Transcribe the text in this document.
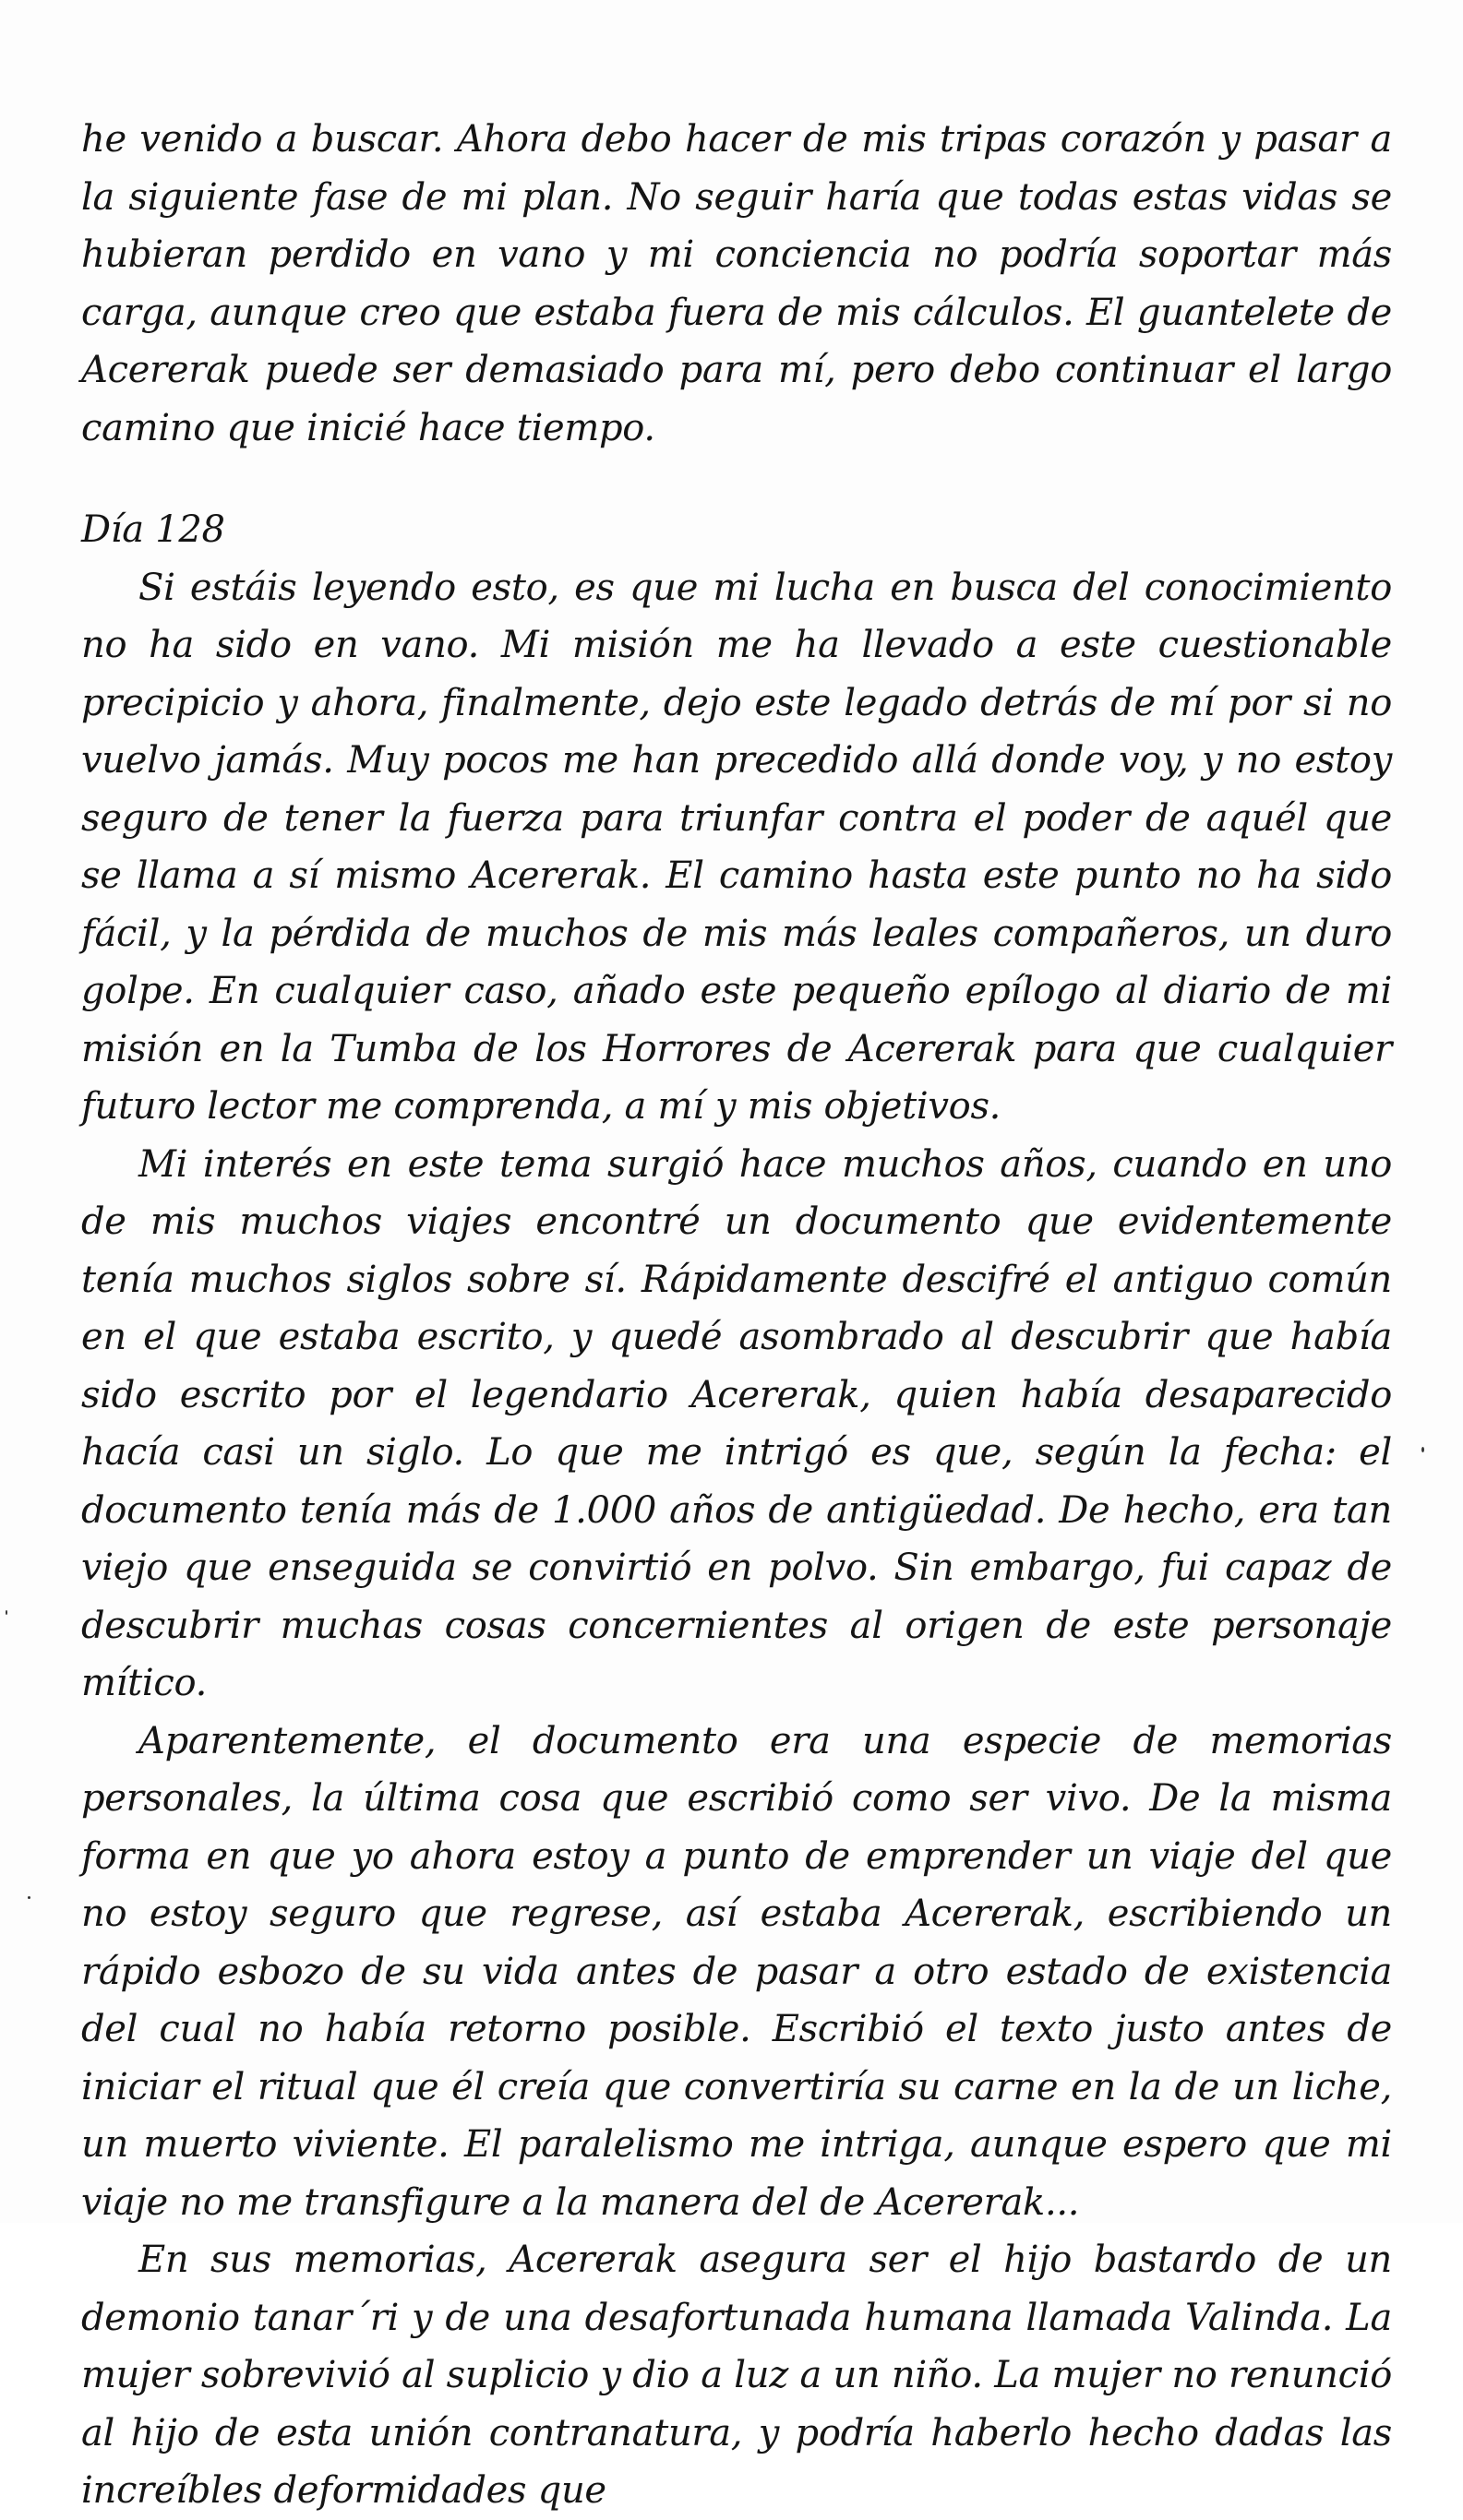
he venido a buscar. Ahora debo hacer de mis tripas corazón y pasar a la siguiente fase de mi plan. No seguir haría que todas estas vidas se hubieran perdido en vano y mi conciencia no podría soportar más carga, aunque creo que estaba fuera de mis cálculos. El guantelete de Acererak puede ser demasiado para mí, pero debo continuar el largo camino que inicié hace tiempo.

Día 128

Si estáis leyendo esto, es que mi lucha en busca del conocimiento no ha sido en vano. Mi misión me ha llevado a este cuestionable precipicio y ahora, finalmente, dejo este legado detrás de mí por si no vuelvo jamás. Muy pocos me han precedido allá donde voy, y no estoy seguro de tener la fuerza para triunfar contra el poder de aquél que se llama a sí mismo Acererak. El camino hasta este punto no ha sido fácil, y la pérdida de muchos de mis más leales compañeros, un duro golpe. En cualquier caso, añado este pequeño epílogo al diario de mi misión en la Tumba de los Horrores de Acererak para que cualquier futuro lector me comprenda, a mí y mis objetivos.

Mi interés en este tema surgió hace muchos años, cuando en uno de mis muchos viajes encontré un documento que evidentemente tenía muchos siglos sobre sí. Rápidamente descifré el antiguo común en el que estaba escrito, y quedé asombrado al descubrir que había sido escrito por el legendario Acererak, quien había desaparecido hacía casi un siglo. Lo que me intrigó es que, según la fecha: el documento tenía más de 1.000 años de antigüedad. De hecho, era tan viejo que enseguida se convirtió en polvo. Sin embargo, fui capaz de descubrir muchas cosas concernientes al origen de este personaje mítico.

Aparentemente, el documento era una especie de memorias personales, la última cosa que escribió como ser vivo. De la misma forma en que yo ahora estoy a punto de emprender un viaje del que no estoy seguro que regrese, así estaba Acererak, escribiendo un rápido esbozo de su vida antes de pasar a otro estado de existencia del cual no había retorno posible. Escribió el texto justo antes de iniciar el ritual que él creía que convertiría su carne en la de un liche, un muerto viviente. El paralelismo me intriga, aunque espero que mi viaje no me transfigure a la manera del de Acererak...

En sus memorias, Acererak asegura ser el hijo bastardo de un demonio tanar´ri y de una desafortunada humana llamada Valinda. La mujer sobrevivió al suplicio y dio a luz a un niño. La mujer no renunció al hijo de esta unión contranatura, y podría haberlo hecho dadas las increíbles deformidades que
